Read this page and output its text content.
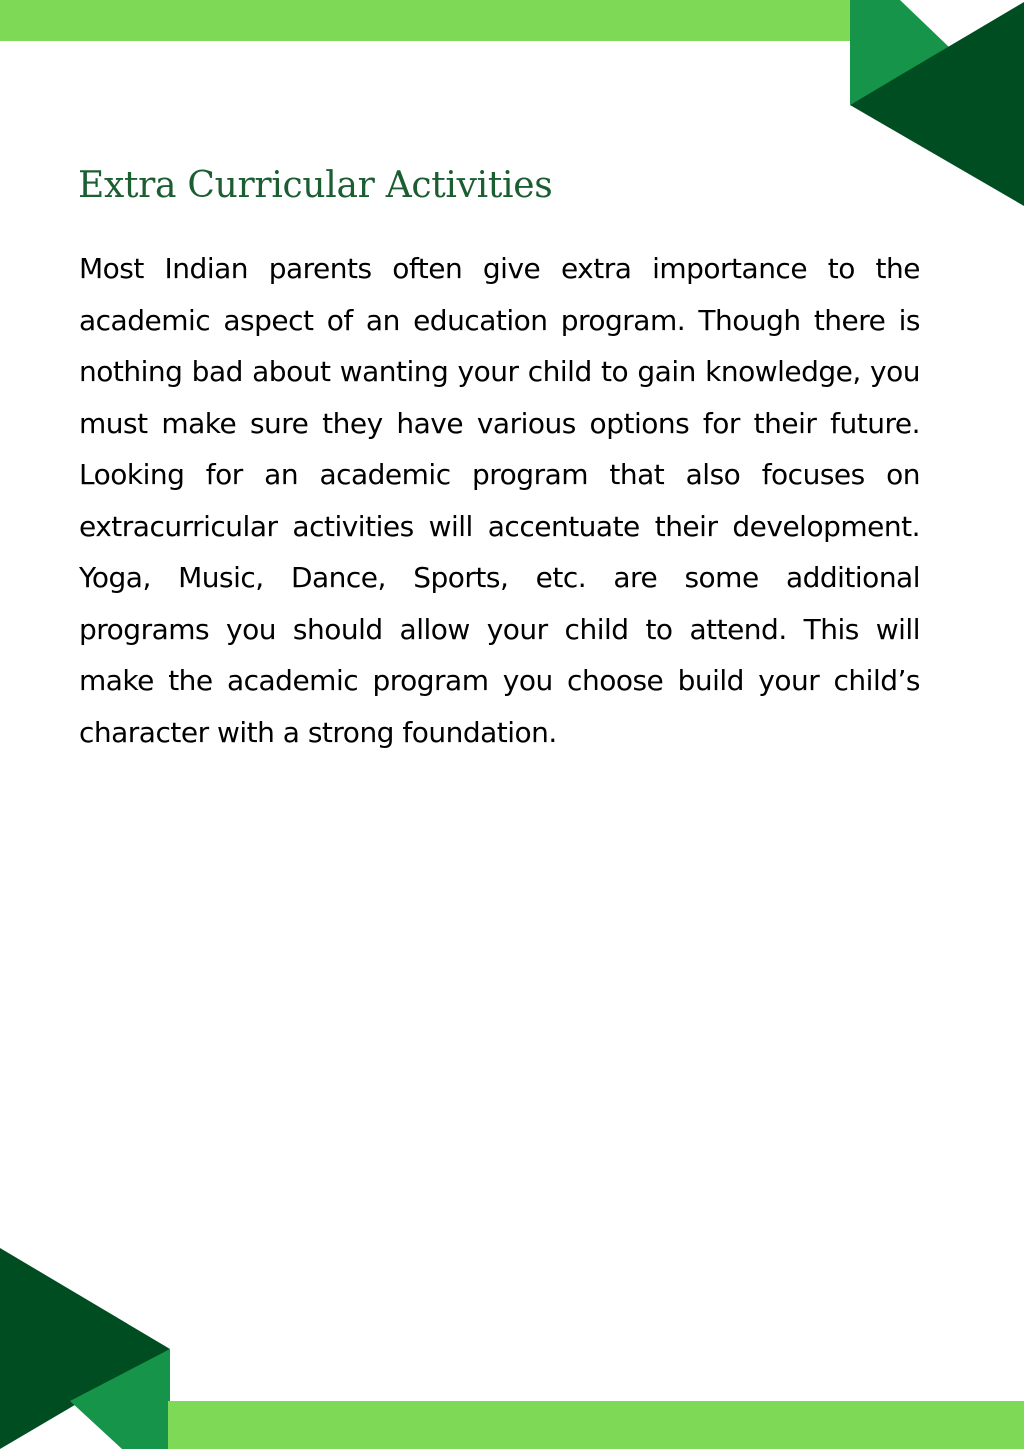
Extra Curricular Activities

Most Indian parents often give extra importance to the academic aspect of an education program. Though there is nothing bad about wanting your child to gain knowledge, you must make sure they have various options for their future. Looking for an academic program that also focuses on extracurricular activities will accentuate their development. Yoga, Music, Dance, Sports, etc. are some additional programs you should allow your child to attend. This will make the academic program you choose build your child’s character with a strong foundation.
